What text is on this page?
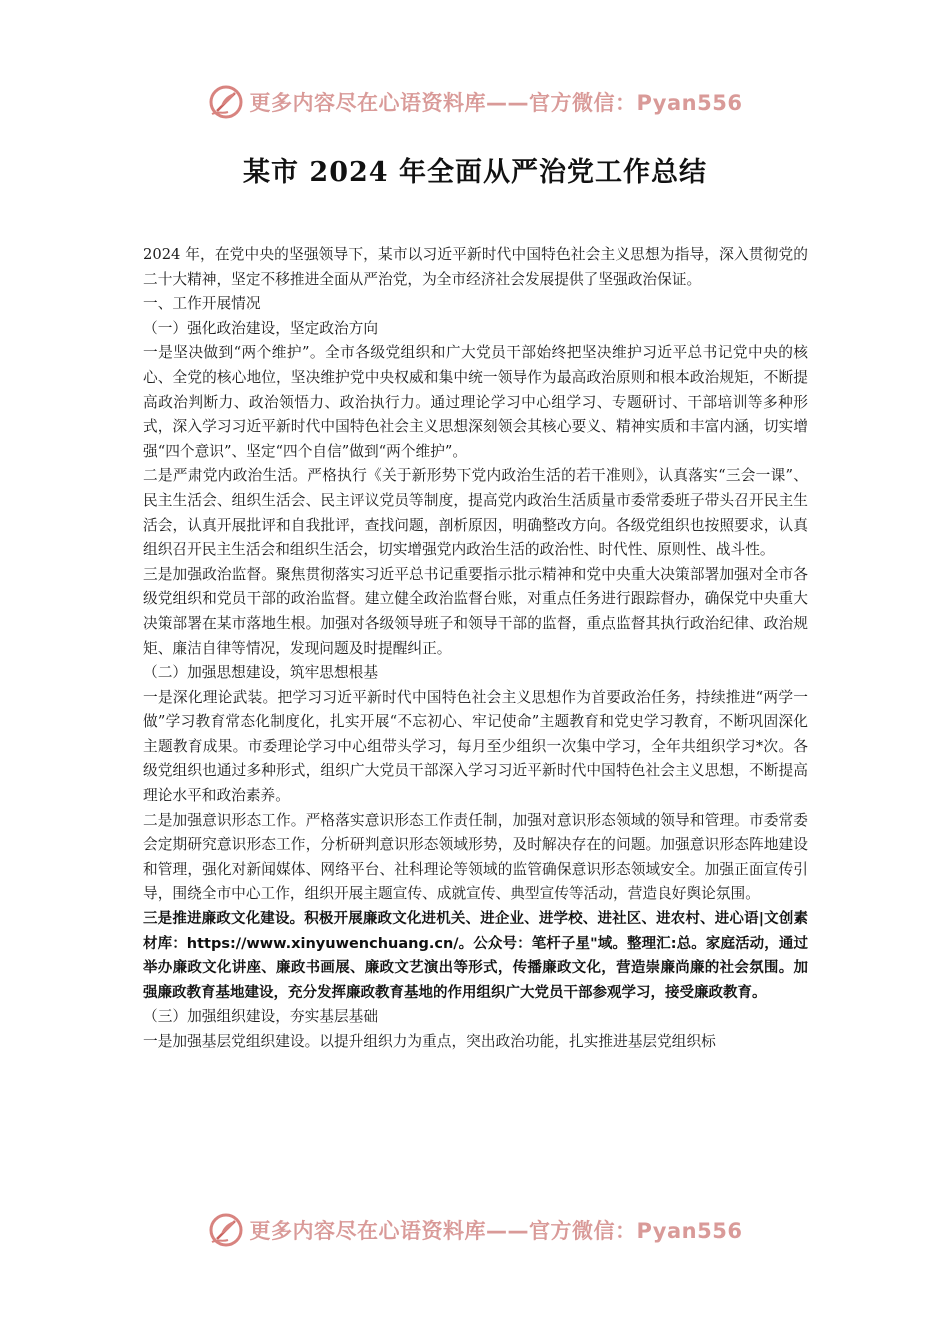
更多内容尽在心语资料库——官方微信：Pyan556
某市 2024 年全面从严治党工作总结

2024 年，在党中央的坚强领导下，某市以习近平新时代中国特色社会主义思想为指导，深入贯彻党的二十大精神，坚定不移推进全面从严治党，为全市经济社会发展提供了坚强政治保证。

一、工作开展情况

（一）强化政治建设，坚定政治方向

一是坚决做到“两个维护”。全市各级党组织和广大党员干部始终把坚决维护习近平总书记党中央的核心、全党的核心地位，坚决维护党中央权威和集中统一领导作为最高政治原则和根本政治规矩，不断提高政治判断力、政治领悟力、政治执行力。通过理论学习中心组学习、专题研讨、干部培训等多种形式，深入学习习近平新时代中国特色社会主义思想深刻领会其核心要义、精神实质和丰富内涵，切实增强“四个意识”、坚定“四个自信”做到“两个维护”。

二是严肃党内政治生活。严格执行《关于新形势下党内政治生活的若干准则》，认真落实“三会一课”、民主生活会、组织生活会、民主评议党员等制度，提高党内政治生活质量市委常委班子带头召开民主生活会，认真开展批评和自我批评，查找问题，剖析原因，明确整改方向。各级党组织也按照要求，认真组织召开民主生活会和组织生活会，切实增强党内政治生活的政治性、时代性、原则性、战斗性。

三是加强政治监督。聚焦贯彻落实习近平总书记重要指示批示精神和党中央重大决策部署加强对全市各级党组织和党员干部的政治监督。建立健全政治监督台账，对重点任务进行跟踪督办，确保党中央重大决策部署在某市落地生根。加强对各级领导班子和领导干部的监督，重点监督其执行政治纪律、政治规矩、廉洁自律等情况，发现问题及时提醒纠正。

（二）加强思想建设，筑牢思想根基

一是深化理论武装。把学习习近平新时代中国特色社会主义思想作为首要政治任务，持续推进“两学一做”学习教育常态化制度化，扎实开展“不忘初心、牢记使命”主题教育和党史学习教育，不断巩固深化主题教育成果。市委理论学习中心组带头学习，每月至少组织一次集中学习，全年共组织学习*次。各级党组织也通过多种形式，组织广大党员干部深入学习习近平新时代中国特色社会主义思想，不断提高理论水平和政治素养。

二是加强意识形态工作。严格落实意识形态工作责任制，加强对意识形态领域的领导和管理。市委常委会定期研究意识形态工作，分析研判意识形态领域形势，及时解决存在的问题。加强意识形态阵地建设和管理，强化对新闻媒体、网络平台、社科理论等领域的监管确保意识形态领域安全。加强正面宣传引导，围绕全市中心工作，组织开展主题宣传、成就宣传、典型宣传等活动，营造良好舆论氛围。

三是推进廉政文化建设。积极开展廉政文化进机关、进企业、进学校、进社区、进农村、进心语|文创素材库：https://www.xinyuwenchuang.cn/。公众号：笔杆子星"域。整理汇:总。家庭活动，通过举办廉政文化讲座、廉政书画展、廉政文艺演出等形式，传播廉政文化，营造崇廉尚廉的社会氛围。加强廉政教育基地建设，充分发挥廉政教育基地的作用组织广大党员干部参观学习，接受廉政教育。

（三）加强组织建设，夯实基层基础

一是加强基层党组织建设。以提升组织力为重点，突出政治功能，扎实推进基层党组织标

更多内容尽在心语资料库——官方微信：Pyan556
